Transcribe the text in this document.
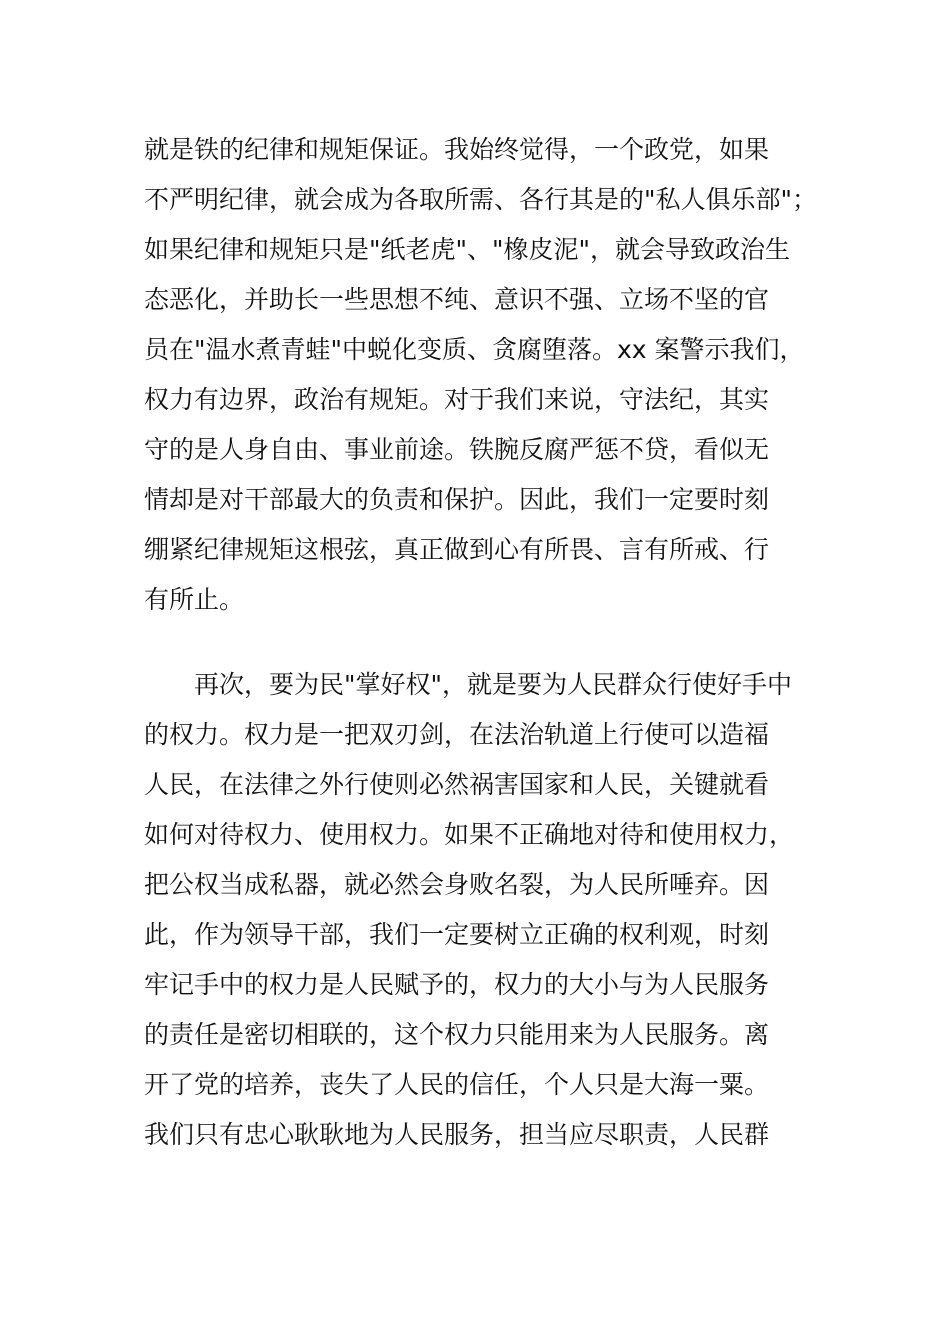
就是铁的纪律和规矩保证。我始终觉得，一个政党，如果
不严明纪律，就会成为各取所需、各行其是的"私人俱乐部"；
如果纪律和规矩只是"纸老虎"、"橡皮泥"，就会导致政治生
态恶化，并助长一些思想不纯、意识不强、立场不坚的官
员在"温水煮青蛙"中蜕化变质、贪腐堕落。xx 案警示我们，
权力有边界，政治有规矩。对于我们来说，守法纪，其实
守的是人身自由、事业前途。铁腕反腐严惩不贷，看似无
情却是对干部最大的负责和保护。因此，我们一定要时刻
绷紧纪律规矩这根弦，真正做到心有所畏、言有所戒、行
有所止。
再次，要为民"掌好权"，就是要为人民群众行使好手中
的权力。权力是一把双刃剑，在法治轨道上行使可以造福
人民，在法律之外行使则必然祸害国家和人民，关键就看
如何对待权力、使用权力。如果不正确地对待和使用权力，
把公权当成私器，就必然会身败名裂，为人民所唾弃。因
此，作为领导干部，我们一定要树立正确的权利观，时刻
牢记手中的权力是人民赋予的，权力的大小与为人民服务
的责任是密切相联的，这个权力只能用来为人民服务。离
开了党的培养，丧失了人民的信任，个人只是大海一粟。
我们只有忠心耿耿地为人民服务，担当应尽职责，人民群
